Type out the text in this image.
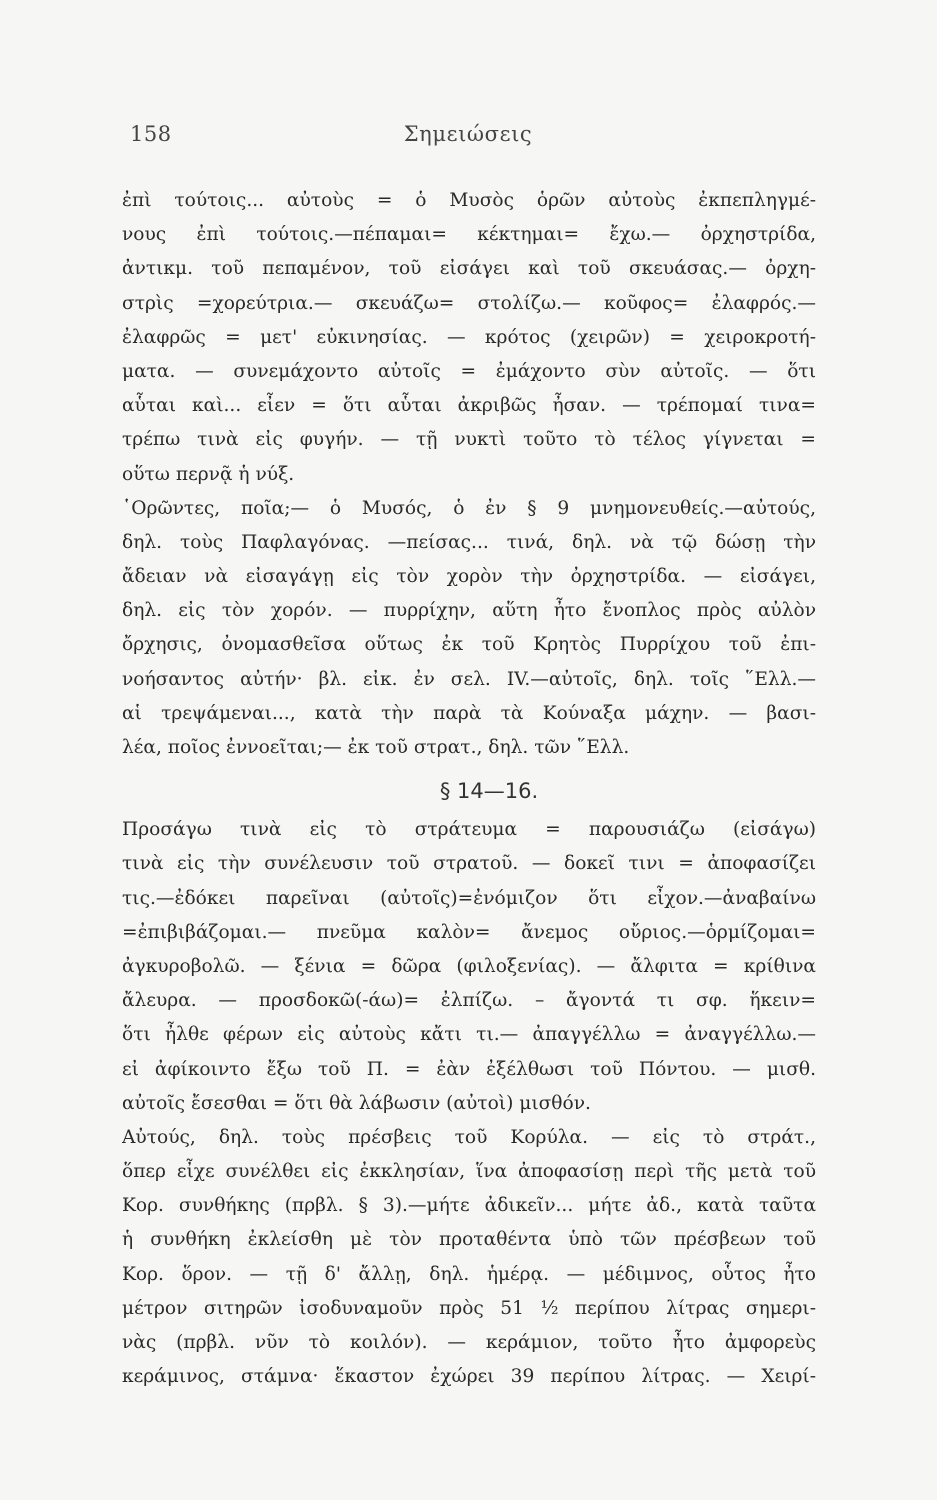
158	Σημειώσεις
ἐπὶ τούτοις... αὐτοὺς = ὁ Μυσὸς ὁρῶν αὐτοὺς ἐκπεπληγμέ-
νους ἐπὶ τούτοις.—πέπαμαι= κέκτημαι= ἔχω.— ὀρχηστρίδα,
ἀντικμ. τοῦ πεπαμένον, τοῦ εἰσάγει καὶ τοῦ σκευάσας.— ὀρχη-
στρὶς =χορεύτρια.— σκευάζω= στολίζω.— κοῦφος= ἐλαφρός.—
ἐλαφρῶς = μετ' εὐκινησίας. — κρότος (χειρῶν) = χειροκροτή-
ματα. — συνεμάχοντο αὐτοῖς = ἐμάχοντο σὺν αὐτοῖς. — ὅτι
αὗται καὶ... εἶεν = ὅτι αὗται ἀκριβῶς ἦσαν. — τρέπομαί τινα=
τρέπω τινὰ εἰς φυγήν. — τῇ νυκτὶ τοῦτο τὸ τέλος γίγνεται =
οὕτω περνᾷ ἡ νύξ.
῾Ορῶντες, ποῖα;— ὁ Μυσός, ὁ ἐν § 9 μνημονευθείς.—αὐτούς,
δηλ. τοὺς Παφλαγόνας. —πείσας... τινά, δηλ. νὰ τῷ δώσῃ τὴν
ἄδειαν νὰ εἰσαγάγῃ εἰς τὸν χορὸν τὴν ὀρχηστρίδα. — εἰσάγει,
δηλ. εἰς τὸν χορόν. — πυρρίχην, αὕτη ἦτο ἔνοπλος πρὸς αὐλὸν
ὄρχησις, ὀνομασθεῖσα οὕτως ἐκ τοῦ Κρητὸς Πυρρίχου τοῦ ἐπι-
νοήσαντος αὐτήν· βλ. εἰκ. ἐν σελ. IV.—αὐτοῖς, δηλ. τοῖς ῞Ελλ.—
αἱ τρεψάμεναι..., κατὰ τὴν παρὰ τὰ Κούναξα μάχην. — βασι-
λέα, ποῖος ἐννοεῖται;— ἐκ τοῦ στρατ., δηλ. τῶν ῞Ελλ.
§ 14—16.
Προσάγω τινὰ εἰς τὸ στράτευμα = παρουσιάζω (εἰσάγω)
τινὰ εἰς τὴν συνέλευσιν τοῦ στρατοῦ. — δοκεῖ τινι = ἀποφασίζει
τις.—ἐδόκει παρεῖναι (αὐτοῖς)=ἐνόμιζον ὅτι εἶχον.—ἀναβαίνω
=ἐπιβιβάζομαι.— πνεῦμα καλὸν= ἄνεμος οὔριος.—ὁρμίζομαι=
ἀγκυροβολῶ. — ξένια = δῶρα (φιλοξενίας). — ἄλφιτα = κρίθινα
ἄλευρα. — προσδοκῶ(-άω)= ἐλπίζω. – ἄγοντά τι σφ. ἥκειν=
ὅτι ἦλθε φέρων εἰς αὐτοὺς κἄτι τι.— ἀπαγγέλλω = ἀναγγέλλω.—
εἰ ἀφίκοιντο ἔξω τοῦ Π. = ἐὰν ἐξέλθωσι τοῦ Πόντου. — μισθ.
αὐτοῖς ἔσεσθαι = ὅτι θὰ λάβωσιν (αὐτοὶ) μισθόν.
Αὐτούς, δηλ. τοὺς πρέσβεις τοῦ Κορύλα. — εἰς τὸ στράτ.,
ὅπερ εἶχε συνέλθει εἰς ἐκκλησίαν, ἵνα ἀποφασίσῃ περὶ τῆς μετὰ τοῦ
Κορ. συνθήκης (πρβλ. § 3).—μήτε ἀδικεῖν... μήτε ἀδ., κατὰ ταῦτα
ἡ συνθήκη ἐκλείσθη μὲ τὸν προταθέντα ὑπὸ τῶν πρέσβεων τοῦ
Κορ. ὅρον. — τῇ δ' ἄλλῃ, δηλ. ἡμέρᾳ. — μέδιμνος, οὗτος ἦτο
μέτρον σιτηρῶν ἰσοδυναμοῦν πρὸς 51 ½ περίπου λίτρας σημερι-
νὰς (πρβλ. νῦν τὸ κοιλόν). — κεράμιον, τοῦτο ἦτο ἀμφορεὺς
κεράμινος, στάμνα· ἕκαστον ἐχώρει 39 περίπου λίτρας. — Χειρί-
